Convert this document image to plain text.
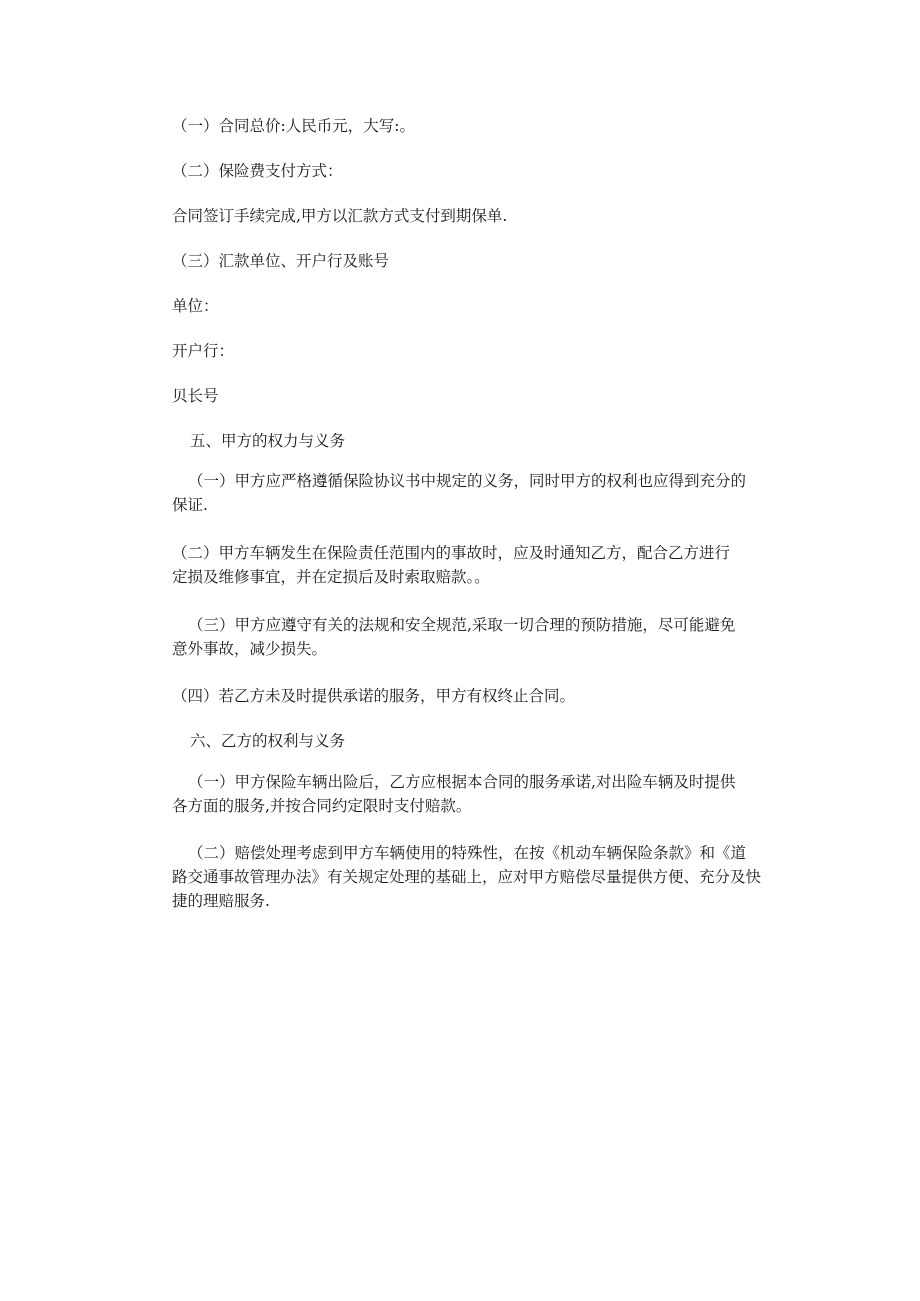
（一）合同总价:人民币元，大写:。

（二）保险费支付方式：

合同签订手续完成,甲方以汇款方式支付到期保单.

（三）汇款单位、开户行及账号

单位：

开户行：

贝长号

五、甲方的权力与义务

（一）甲方应严格遵循保险协议书中规定的义务，同时甲方的权利也应得到充分的
保证.
（二）甲方车辆发生在保险责任范围内的事故时，应及时通知乙方，配合乙方进行
定损及维修事宜，并在定损后及时索取赔款。。
（三）甲方应遵守有关的法规和安全规范,采取一切合理的预防措施，尽可能避免
意外事故，减少损失。

（四）若乙方未及时提供承诺的服务，甲方有权终止合同。

六、乙方的权利与义务

（一）甲方保险车辆出险后，乙方应根据本合同的服务承诺,对出险车辆及时提供
各方面的服务,并按合同约定限时支付赔款。
（二）赔偿处理考虑到甲方车辆使用的特殊性，在按《机动车辆保险条款》和《道
路交通事故管理办法》有关规定处理的基础上，应对甲方赔偿尽量提供方便、充分及快
捷的理赔服务.
